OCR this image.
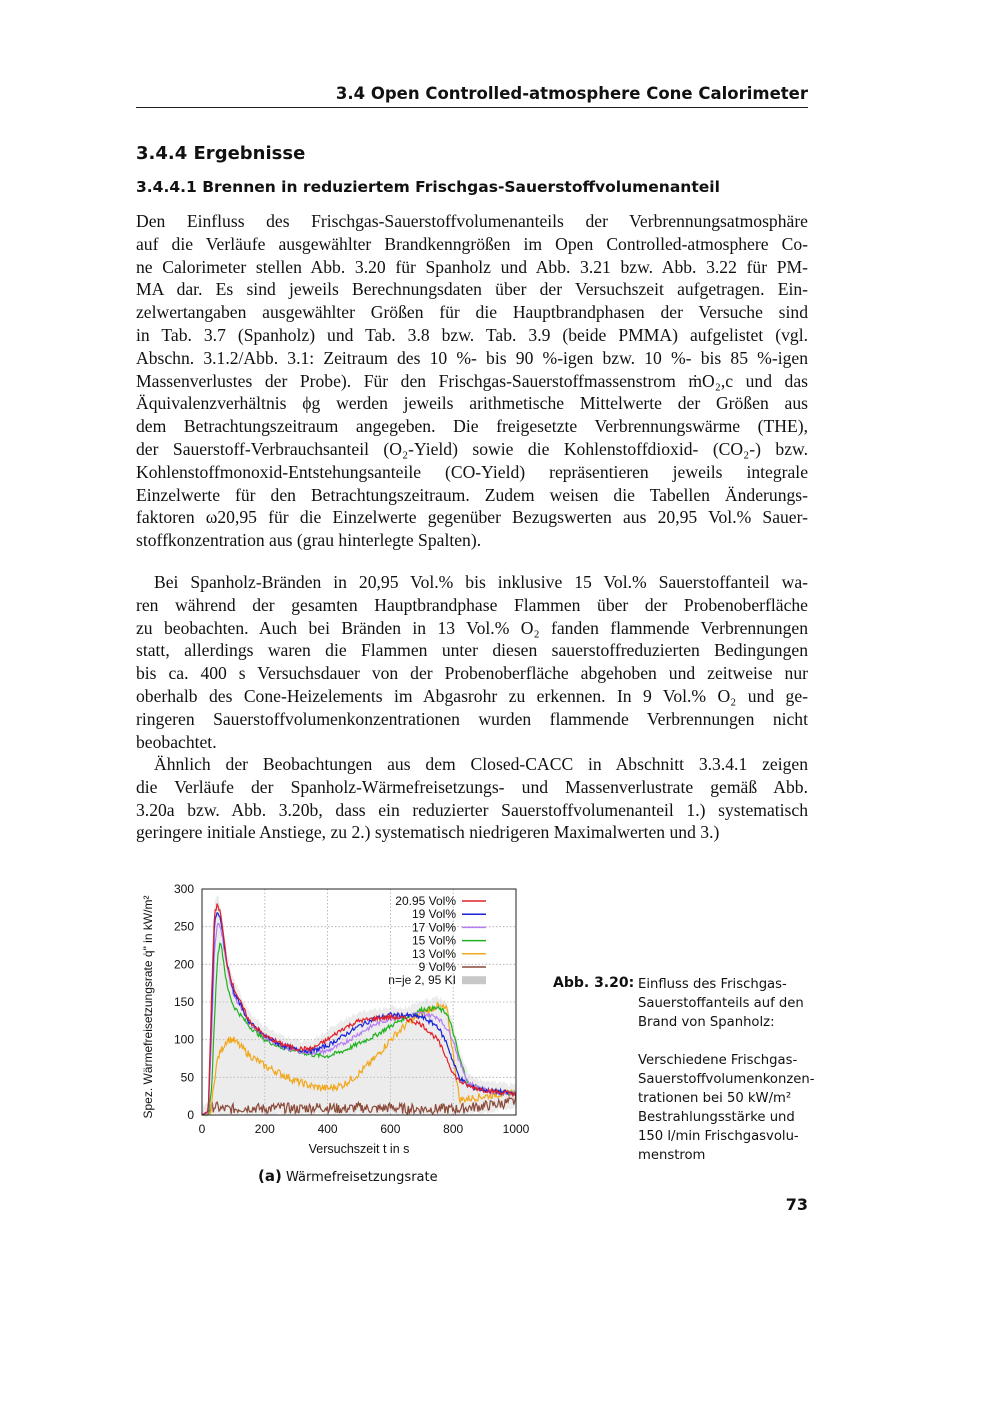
3.4 Open Controlled-atmosphere Cone Calorimeter
3.4.4 Ergebnisse
3.4.4.1 Brennen in reduziertem Frischgas-Sauerstoffvolumenanteil
Den Einfluss des Frischgas-Sauerstoffvolumenanteils der Verbrennungsatmosphäre
auf die Verläufe ausgewählter Brandkenngrößen im Open Controlled-atmosphere Co-
ne Calorimeter stellen Abb. 3.20 für Spanholz und Abb. 3.21 bzw. Abb. 3.22 für PM-
MA dar. Es sind jeweils Berechnungsdaten über der Versuchszeit aufgetragen. Ein-
zelwertangaben ausgewählter Größen für die Hauptbrandphasen der Versuche sind
in Tab. 3.7 (Spanholz) und Tab. 3.8 bzw. Tab. 3.9 (beide PMMA) aufgelistet (vgl.
Abschn. 3.1.2/Abb. 3.1: Zeitraum des 10 %- bis 90 %-igen bzw. 10 %- bis 85 %-igen
Massenverlustes der Probe). Für den Frischgas-Sauerstoffmassenstrom ṁO₂,c und das
Äquivalenzverhältnis ϕg werden jeweils arithmetische Mittelwerte der Größen aus
dem Betrachtungszeitraum angegeben. Die freigesetzte Verbrennungswärme (THE),
der Sauerstoff-Verbrauchsanteil (O₂-Yield) sowie die Kohlenstoffdioxid- (CO₂-) bzw.
Kohlenstoffmonoxid-Entstehungsanteile (CO-Yield) repräsentieren jeweils integrale
Einzelwerte für den Betrachtungszeitraum. Zudem weisen die Tabellen Änderungs-
faktoren ω20,95 für die Einzelwerte gegenüber Bezugswerten aus 20,95 Vol.% Sauer-
stoffkonzentration aus (grau hinterlegte Spalten).
Bei Spanholz-Bränden in 20,95 Vol.% bis inklusive 15 Vol.% Sauerstoffanteil wa-
ren während der gesamten Hauptbrandphase Flammen über der Probenoberfläche
zu beobachten. Auch bei Bränden in 13 Vol.% O₂ fanden flammende Verbrennungen
statt, allerdings waren die Flammen unter diesen sauerstoffreduzierten Bedingungen
bis ca. 400 s Versuchsdauer von der Probenoberfläche abgehoben und zeitweise nur
oberhalb des Cone-Heizelements im Abgasrohr zu erkennen. In 9 Vol.% O₂ und ge-
ringeren Sauerstoffvolumenkonzentrationen wurden flammende Verbrennungen nicht
beobachtet.
Ähnlich der Beobachtungen aus dem Closed-CACC in Abschnitt 3.3.4.1 zeigen
die Verläufe der Spanholz-Wärmefreisetzungs- und Massenverlustrate gemäß Abb.
3.20a bzw. Abb. 3.20b, dass ein reduzierter Sauerstoffvolumenanteil 1.) systematisch
geringere initiale Anstiege, zu 2.) systematisch niedrigeren Maximalwerten und 3.)
0	200	400	600	800	1000
0
50
100
150
200
250
300
20.95 Vol%
19 Vol%
17 Vol%
15 Vol%
13 Vol%
9 Vol%
n=je 2, 95 KI
Versuchszeit t in s
Spez. Wärmefreisetzungsrate q̇" in kW/m²
(a) Wärmefreisetzungsrate
Abb. 3.20: Einfluss des Frischgas-
Sauerstoffanteils auf den
Brand von Spanholz:

Verschiedene Frischgas-
Sauerstoffvolumenkonzen-
trationen bei 50 kW/m²
Bestrahlungsstärke und
150 l/min Frischgasvolu-
menstrom
73
